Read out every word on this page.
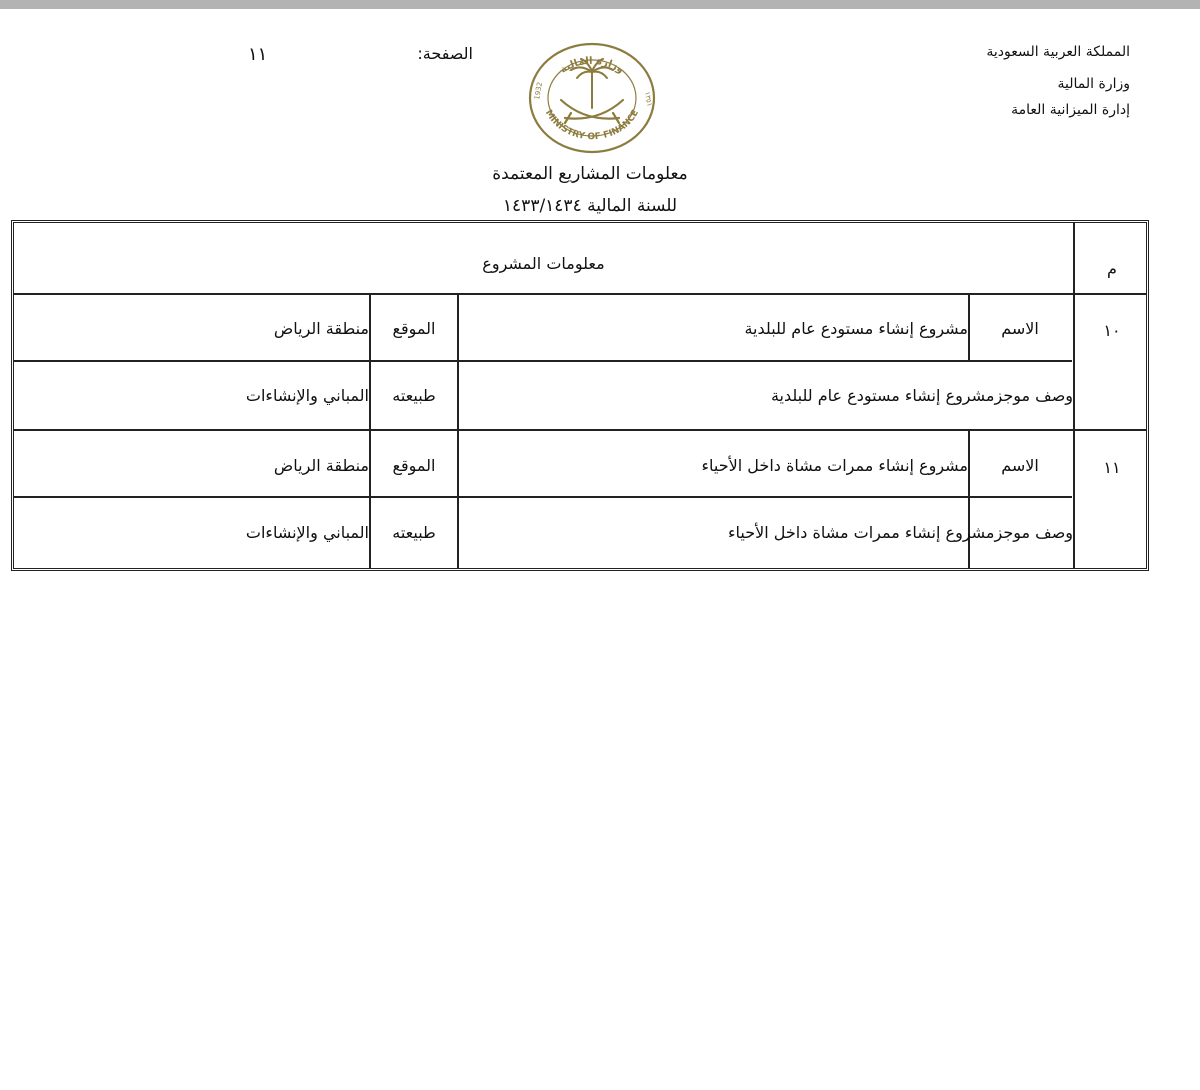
المملكة العربية السعودية
وزارة المالية
إدارة الميزانية العامة
الصفحة:
١١
وزارة المالية
MINISTRY OF FINANCE
1932	١٣٥١
معلومات المشاريع المعتمدة
للسنة المالية ١٤٣٣/١٤٣٤
م
معلومات المشروع
١٠
الاسم
مشروع إنشاء مستودع عام للبلدية
الموقع
منطقة الرياض
وصف موجزمشروع إنشاء مستودع عام للبلدية
طبيعته
المباني والإنشاءات
١١
الاسم
مشروع إنشاء ممرات مشاة داخل الأحياء
الموقع
منطقة الرياض
وصف موجزمشروع إنشاء ممرات مشاة داخل الأحياء
طبيعته
المباني والإنشاءات
